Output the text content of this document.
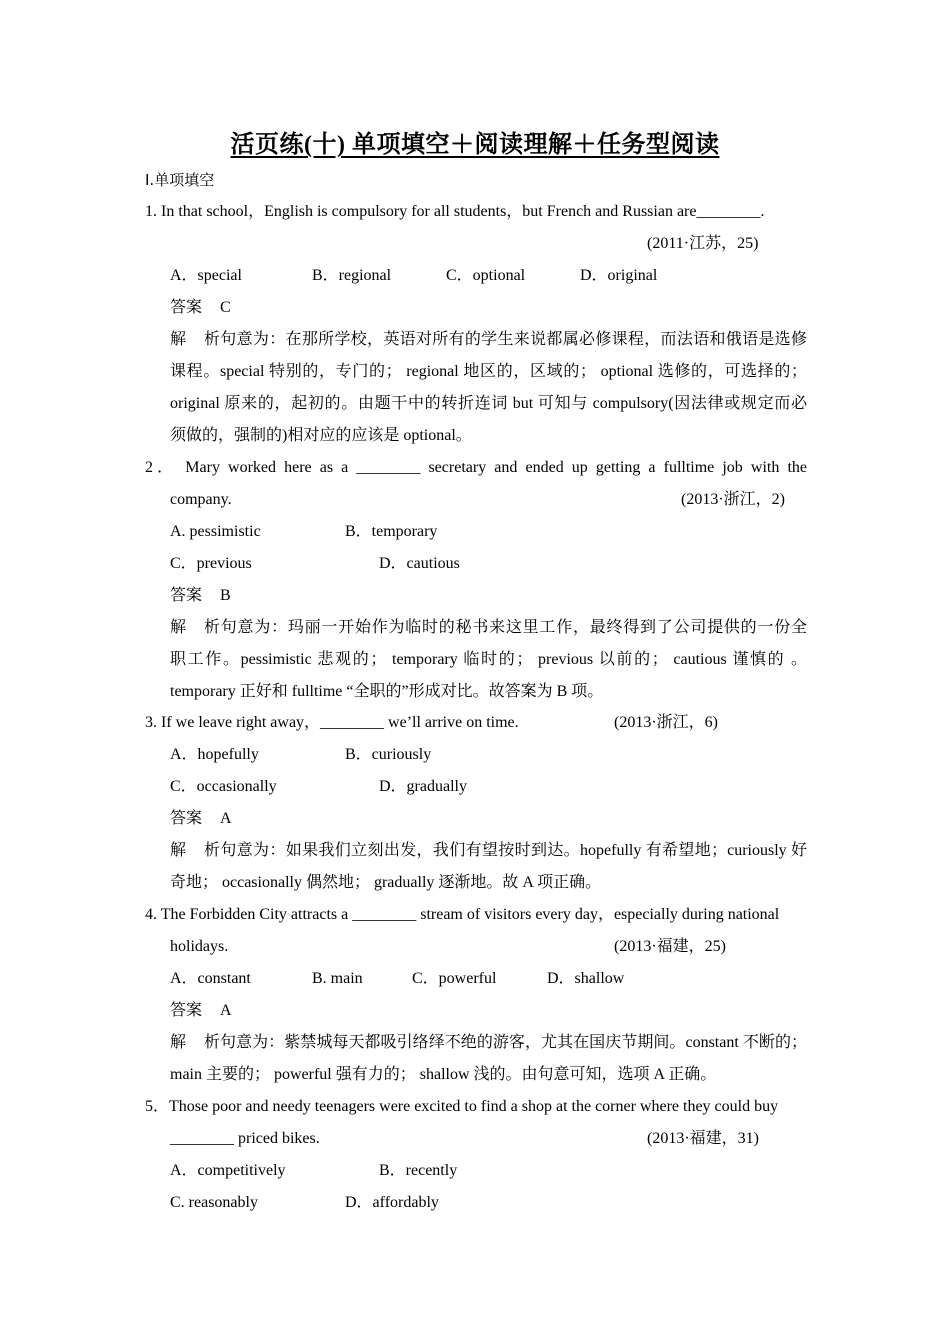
活页练(十) 单项填空＋阅读理解＋任务型阅读
Ⅰ.单项填空
1. In that school，English is compulsory for all students，but French and Russian are________.
(2011·江苏，25)
A．special	B．regional	C．optional	D．original
答案 C
解析句意为：在那所学校，英语对所有的学生来说都属必修课程，而法语和俄语是选修
课程。special 特别的，专门的； regional 地区的，区域的； optional 选修的，可选择的；
original 原来的，起初的。由题干中的转折连词 but 可知与 compulsory(因法律或规定而必
须做的，强制的)相对应的应该是 optional。
2． Mary worked here as a ________ secretary and ended up getting a fulltime job with the
company.	(2013·浙江，2)
A. pessimistic	B．temporary
C．previous	D．cautious
答案 B
解析句意为：玛丽一开始作为临时的秘书来这里工作，最终得到了公司提供的一份全
职工作。pessimistic 悲观的； temporary 临时的； previous 以前的； cautious 谨慎的 。
temporary 正好和 fulltime “全职的”形成对比。故答案为 B 项。
3. If we leave right away，________ we’ll arrive on time.	(2013·浙江，6)
A．hopefully	B．curiously
C．occasionally	D．gradually
答案 A
解析句意为：如果我们立刻出发，我们有望按时到达。hopefully 有希望地；curiously 好
奇地； occasionally 偶然地； gradually 逐渐地。故 A 项正确。
4. The Forbidden City attracts a ________ stream of visitors every day，especially during national
holidays.	(2013·福建，25)
A．constant	B. main	C．powerful	D．shallow
答案 A
解析句意为：紫禁城每天都吸引络绎不绝的游客，尤其在国庆节期间。constant 不断的；
main 主要的； powerful 强有力的； shallow 浅的。由句意可知，选项 A 正确。
5．Those poor and needy teenagers were excited to find a shop at the corner where they could buy
________ priced bikes.	(2013·福建，31)
A．competitively	B．recently
C. reasonably	D．affordably
